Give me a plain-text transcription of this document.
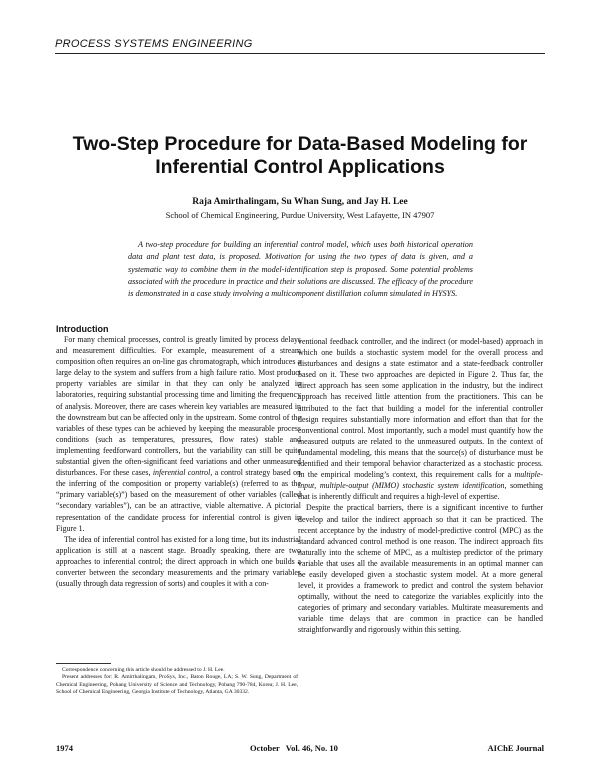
PROCESS SYSTEMS ENGINEERING
Two-Step Procedure for Data-Based Modeling for
Inferential Control Applications
Raja Amirthalingam, Su Whan Sung, and Jay H. Lee
School of Chemical Engineering, Purdue University, West Lafayette, IN 47907
A two-step procedure for building an inferential control model, which uses both historical operation data and plant test data, is proposed. Motivation for using the two types of data is given, and a systematic way to combine them in the model-identification step is proposed. Some potential problems associated with the procedure in practice and their solutions are discussed. The efficacy of the procedure is demonstrated in a case study involving a multicomponent distillation column simulated in HYSYS.
Introduction

For many chemical processes, control is greatly limited by process delays and measurement difficulties. For example, measurement of a stream composition often requires an on-line gas chromatograph, which introduces a large delay to the system and suffers from a high failure ratio. Most product property variables are similar in that they can only be analyzed in laboratories, requiring substantial processing time and limiting the frequency of analysis. Moreover, there are cases wherein key variables are measured in the downstream but can be affected only in the upstream. Some control of the variables of these types can be achieved by keeping the measurable process conditions (such as temperatures, pressures, flow rates) stable and implementing feedforward controllers, but the variability can still be quite substantial given the often-significant feed variations and other unmeasured disturbances. For these cases, inferential control, a control strategy based on the inferring of the composition or property variable(s) (referred to as the “primary variable(s)”) based on the measurement of other variables (called “secondary variables”), can be an attractive, viable alternative. A pictorial representation of the candidate process for inferential control is given in Figure 1.

The idea of inferential control has existed for a long time, but its industrial application is still at a nascent stage. Broadly speaking, there are two approaches to inferential control; the direct approach in which one builds a converter between the secondary measurements and the primary variables (usually through data regression of sorts) and couples it with a con-

ventional feedback controller, and the indirect (or model-based) approach in which one builds a stochastic system model for the overall process and disturbances and designs a state estimator and a state-feedback controller based on it. These two approaches are depicted in Figure 2. Thus far, the direct approach has seen some application in the industry, but the indirect approach has received little attention from the practitioners. This can be attributed to the fact that building a model for the inferential controller design requires substantially more information and effort than that for the conventional control. Most importantly, such a model must quantify how the measured outputs are related to the unmeasured outputs. In the context of fundamental modeling, this means that the source(s) of disturbance must be identified and their temporal behavior characterized as a stochastic process. In the empirical modeling’s context, this requirement calls for a multiple-input, multiple-output (MIMO) stochastic system identification, something that is inherently difficult and requires a high-level of expertise.

Despite the practical barriers, there is a significant incentive to further develop and tailor the indirect approach so that it can be practiced. The recent acceptance by the industry of model-predictive control (MPC) as the standard advanced control method is one reason. The indirect approach fits naturally into the scheme of MPC, as a multistep predictor of the primary variable that uses all the available measurements in an optimal manner can be easily developed given a stochastic system model. At a more general level, it provides a framework to predict and control the system behavior optimally, without the need to categorize the variables explicitly into the categories of primary and secondary variables. Multirate measurements and variable time delays that are common in practice can be handled straightforwardly and rigorously within this setting.

Correspondence concerning this article should be addressed to J. H. Lee.

Present addresses for: R. Amirthalingam, ProSys, Inc., Baton Rouge, LA; S. W. Sung, Department of Chemical Engineering, Pohang University of Science and Technology, Pohang 790-784, Korea; J. H. Lee, School of Chemical Engineering, Georgia Institute of Technology, Atlanta, GA 30332.

1974	October   Vol. 46, No. 10	AIChE Journal
